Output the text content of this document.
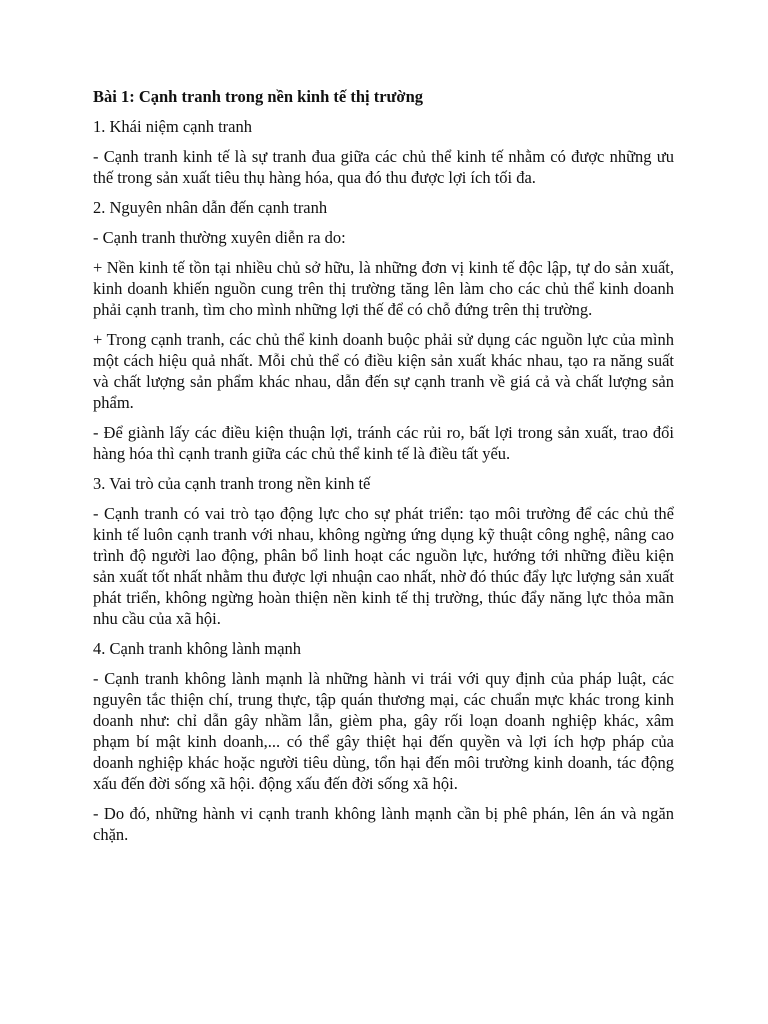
Bài 1: Cạnh tranh trong nền kinh tế thị trường
1. Khái niệm cạnh tranh
- Cạnh tranh kinh tế là sự tranh đua giữa các chủ thể kinh tế nhằm có được những ưu thế trong sản xuất tiêu thụ hàng hóa, qua đó thu được lợi ích tối đa.
2. Nguyên nhân dẫn đến cạnh tranh
- Cạnh tranh thường xuyên diễn ra do:
+ Nền kinh tế tồn tại nhiều chủ sở hữu, là những đơn vị kinh tế độc lập, tự do sản xuất, kinh doanh khiến nguồn cung trên thị trường tăng lên làm cho các chủ thể kinh doanh phải cạnh tranh, tìm cho mình những lợi thế để có chỗ đứng trên thị trường.
+ Trong cạnh tranh, các chủ thể kinh doanh buộc phải sử dụng các nguồn lực của mình một cách hiệu quả nhất. Mỗi chủ thể có điều kiện sản xuất khác nhau, tạo ra năng suất và chất lượng sản phẩm khác nhau, dẫn đến sự cạnh tranh về giá cả và chất lượng sản phẩm.
- Để giành lấy các điều kiện thuận lợi, tránh các rủi ro, bất lợi trong sản xuất, trao đổi hàng hóa thì cạnh tranh giữa các chủ thể kinh tế là điều tất yếu.
3. Vai trò của cạnh tranh trong nền kinh tế
- Cạnh tranh có vai trò tạo động lực cho sự phát triển: tạo môi trường để các chủ thể kinh tế luôn cạnh tranh với nhau, không ngừng ứng dụng kỹ thuật công nghệ, nâng cao trình độ người lao động, phân bổ linh hoạt các nguồn lực, hướng tới những điều kiện sản xuất tốt nhất nhằm thu được lợi nhuận cao nhất, nhờ đó thúc đẩy lực lượng sản xuất phát triển, không ngừng hoàn thiện nền kinh tế thị trường, thúc đẩy năng lực thỏa mãn nhu cầu của xã hội.
4. Cạnh tranh không lành mạnh
- Cạnh tranh không lành mạnh là những hành vi trái với quy định của pháp luật, các nguyên tắc thiện chí, trung thực, tập quán thương mại, các chuẩn mực khác trong kinh doanh như: chỉ dẫn gây nhầm lẫn, gièm pha, gây rối loạn doanh nghiệp khác, xâm phạm bí mật kinh doanh,... có thể gây thiệt hại đến quyền và lợi ích hợp pháp của doanh nghiệp khác hoặc người tiêu dùng, tổn hại đến môi trường kinh doanh, tác động xấu đến đời sống xã hội. động xấu đến đời sống xã hội.
- Do đó, những hành vi cạnh tranh không lành mạnh cần bị phê phán, lên án và ngăn chặn.
